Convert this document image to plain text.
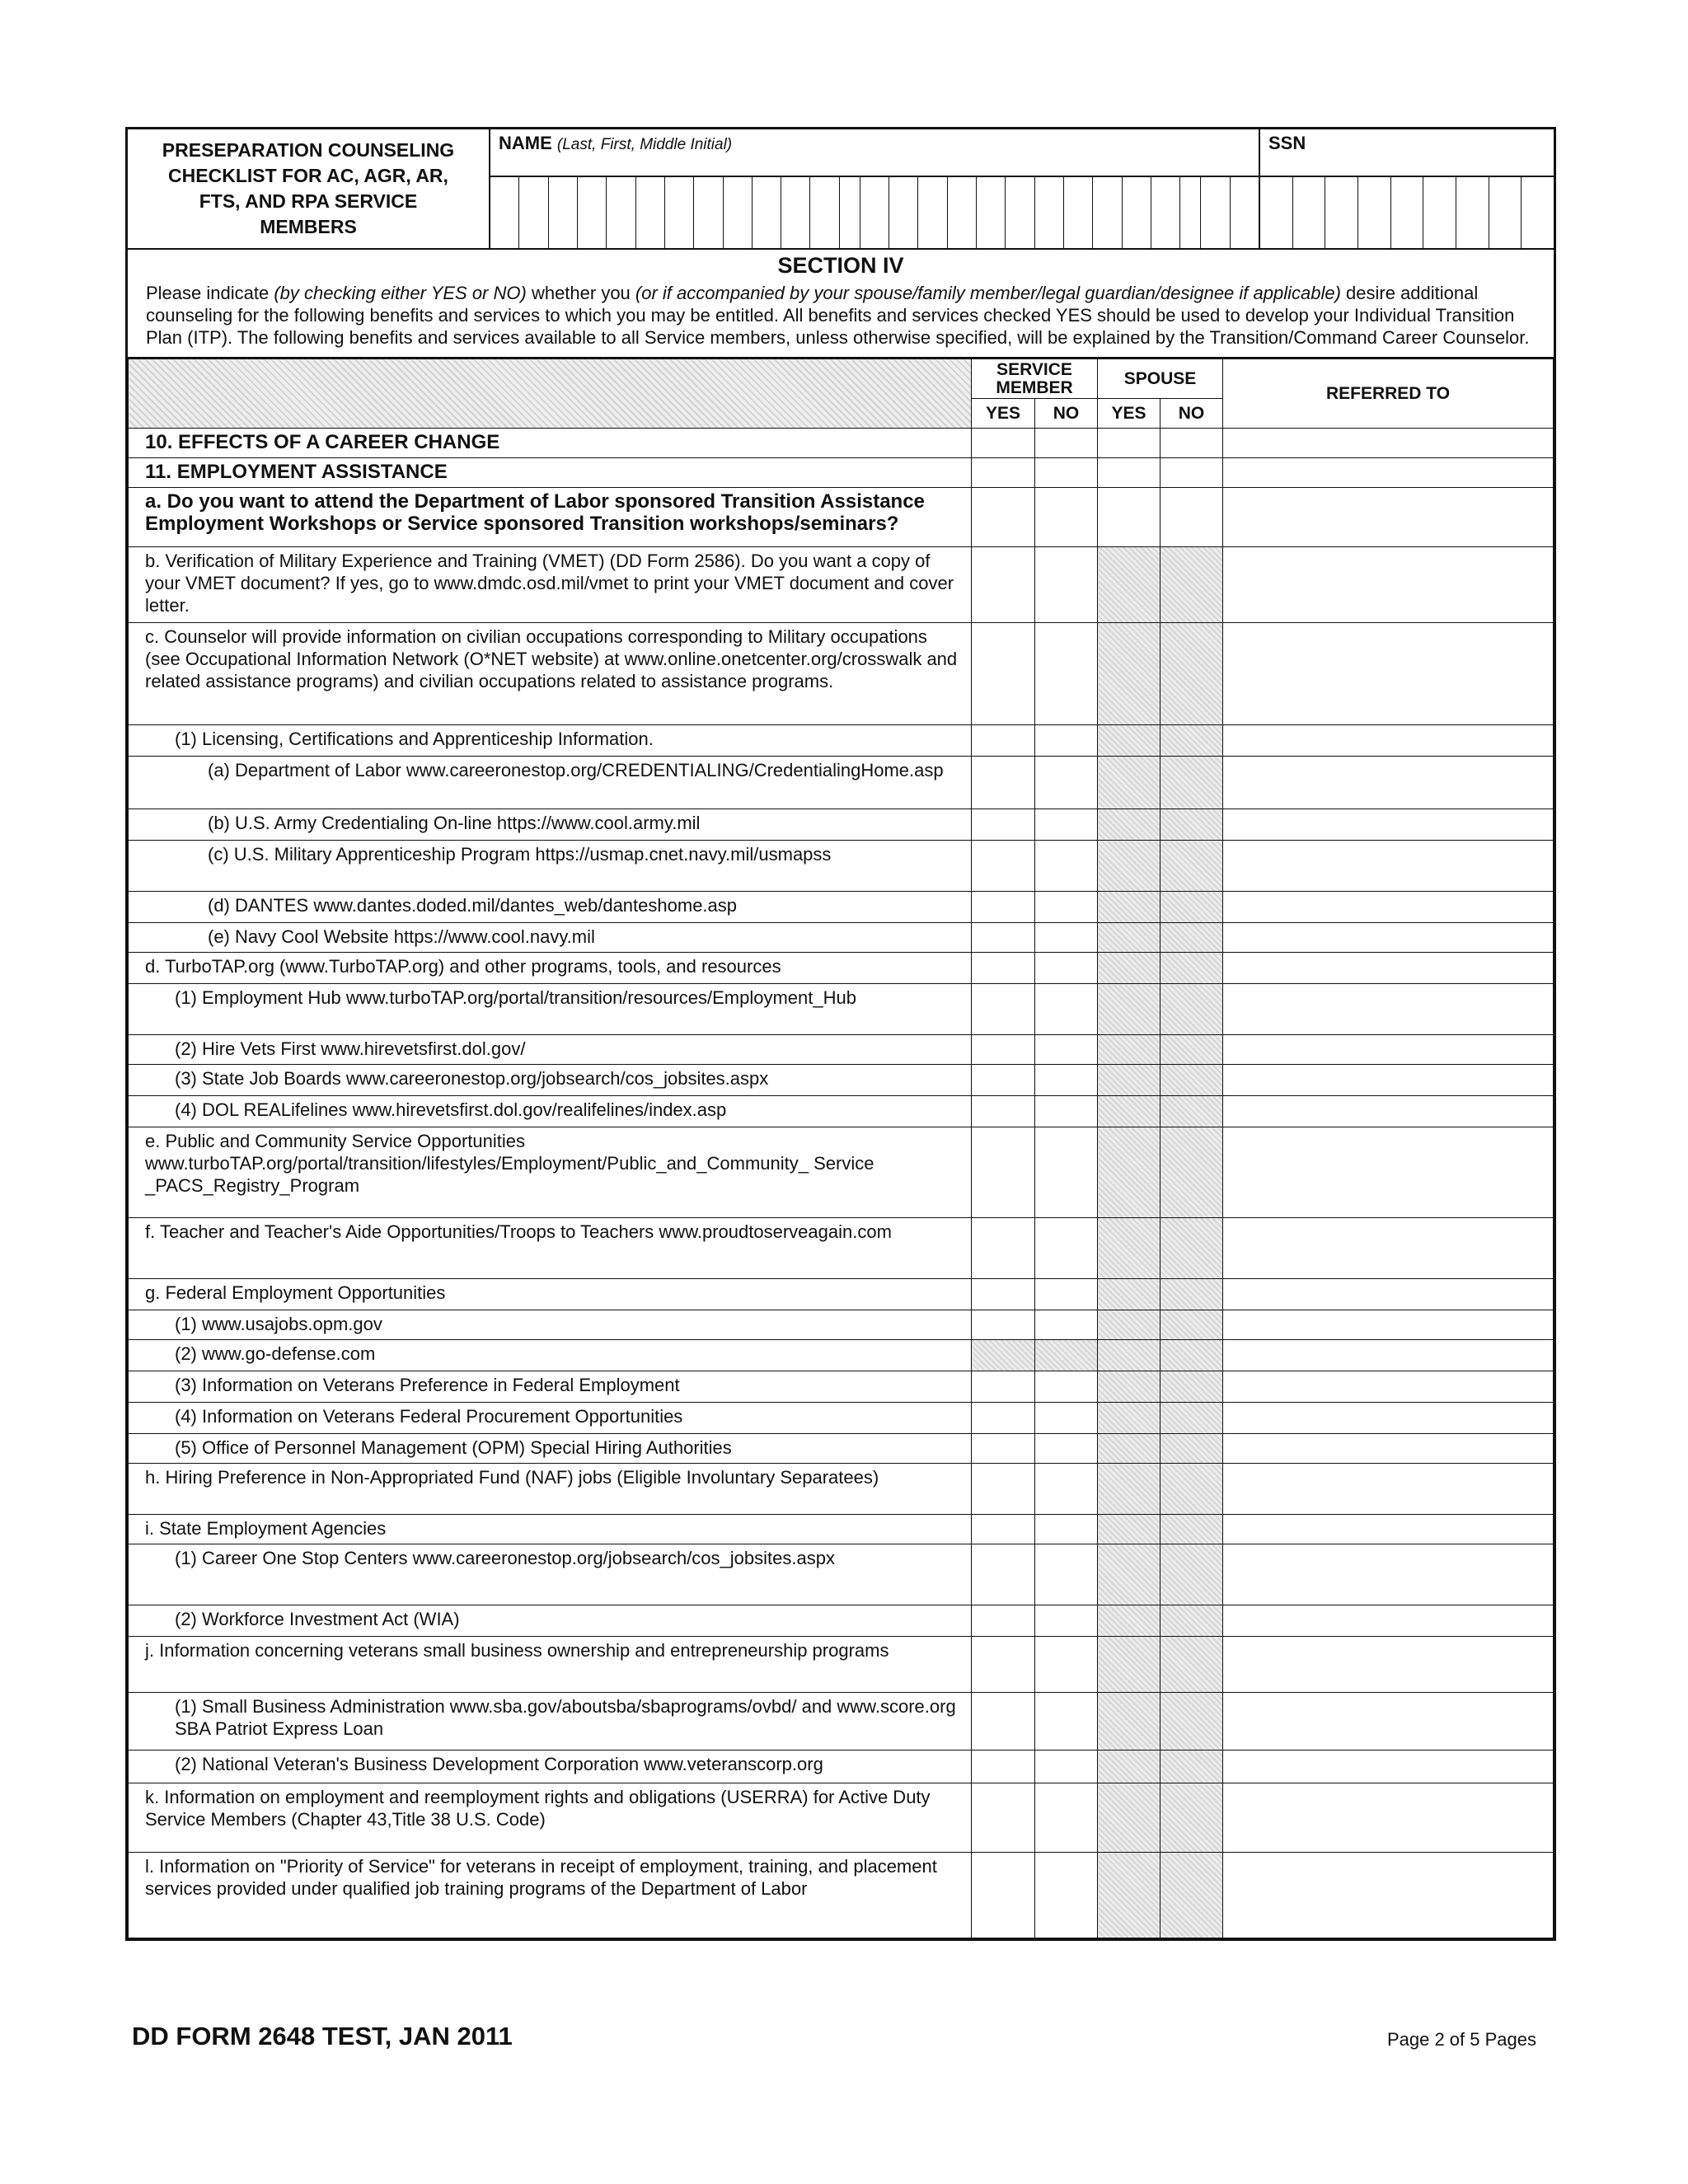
PRESEPARATION COUNSELING
CHECKLIST FOR AC, AGR, AR,
FTS, AND RPA SERVICE
MEMBERS
NAME (Last, First, Middle Initial)	SSN
SECTION IV
Please indicate (by checking either YES or NO) whether you (or if accompanied by your spouse/family member/legal guardian/designee if applicable) desire additional counseling for the following benefits and services to which you may be entitled. All benefits and services checked YES should be used to develop your Individual Transition Plan (ITP). The following benefits and services available to all Service members, unless otherwise specified, will be explained by the Transition/Command Career Counselor.
	SERVICE MEMBER		SPOUSE		REFERRED TO
	YES	NO	YES	NO	
10. EFFECTS OF A CAREER CHANGE					
11. EMPLOYMENT ASSISTANCE					
a. Do you want to attend the Department of Labor sponsored Transition Assistance Employment Workshops or Service sponsored Transition workshops/seminars?					
b. Verification of Military Experience and Training (VMET) (DD Form 2586). Do you want a copy of your VMET document? If yes, go to www.dmdc.osd.mil/vmet to print your VMET document and cover letter.					
c. Counselor will provide information on civilian occupations corresponding to Military occupations (see Occupational Information Network (O*NET website) at www.online.onetcenter.org/crosswalk and related assistance programs) and civilian occupations related to assistance programs.					
(1) Licensing, Certifications and Apprenticeship Information.					
(a) Department of Labor www.careeronestop.org/CREDENTIALING/CredentialingHome.asp					
(b) U.S. Army Credentialing On-line https://www.cool.army.mil					
(c) U.S. Military Apprenticeship Program https://usmap.cnet.navy.mil/usmapss					
(d) DANTES www.dantes.doded.mil/dantes_web/danteshome.asp					
(e) Navy Cool Website https://www.cool.navy.mil					
d. TurboTAP.org (www.TurboTAP.org) and other programs, tools, and resources					
(1) Employment Hub www.turboTAP.org/portal/transition/resources/Employment_Hub					
(2) Hire Vets First www.hirevetsfirst.dol.gov/					
(3) State Job Boards www.careeronestop.org/jobsearch/cos_jobsites.aspx					
(4) DOL REALifelines www.hirevetsfirst.dol.gov/realifelines/index.asp					
e. Public and Community Service Opportunities www.turboTAP.org/portal/transition/lifestyles/Employment/Public_and_Community_ Service _PACS_Registry_Program					
f. Teacher and Teacher's Aide Opportunities/Troops to Teachers www.proudtoserveagain.com					
g. Federal Employment Opportunities					
(1) www.usajobs.opm.gov					
(2) www.go-defense.com					
(3) Information on Veterans Preference in Federal Employment					
(4) Information on Veterans Federal Procurement Opportunities					
(5) Office of Personnel Management (OPM) Special Hiring Authorities					
h. Hiring Preference in Non-Appropriated Fund (NAF) jobs (Eligible Involuntary Separatees)					
i. State Employment Agencies					
(1) Career One Stop Centers www.careeronestop.org/jobsearch/cos_jobsites.aspx					
(2) Workforce Investment Act (WIA)					
j. Information concerning veterans small business ownership and entrepreneurship programs					
(1) Small Business Administration www.sba.gov/aboutsba/sbaprograms/ovbd/ and www.score.org SBA Patriot Express Loan					
(2) National Veteran's Business Development Corporation www.veteranscorp.org					
k. Information on employment and reemployment rights and obligations (USERRA) for Active Duty Service Members (Chapter 43,Title 38 U.S. Code)					
l. Information on "Priority of Service" for veterans in receipt of employment, training, and placement services provided under qualified job training programs of the Department of Labor					
DD FORM 2648 TEST, JAN 2011	Page 2 of 5 Pages
